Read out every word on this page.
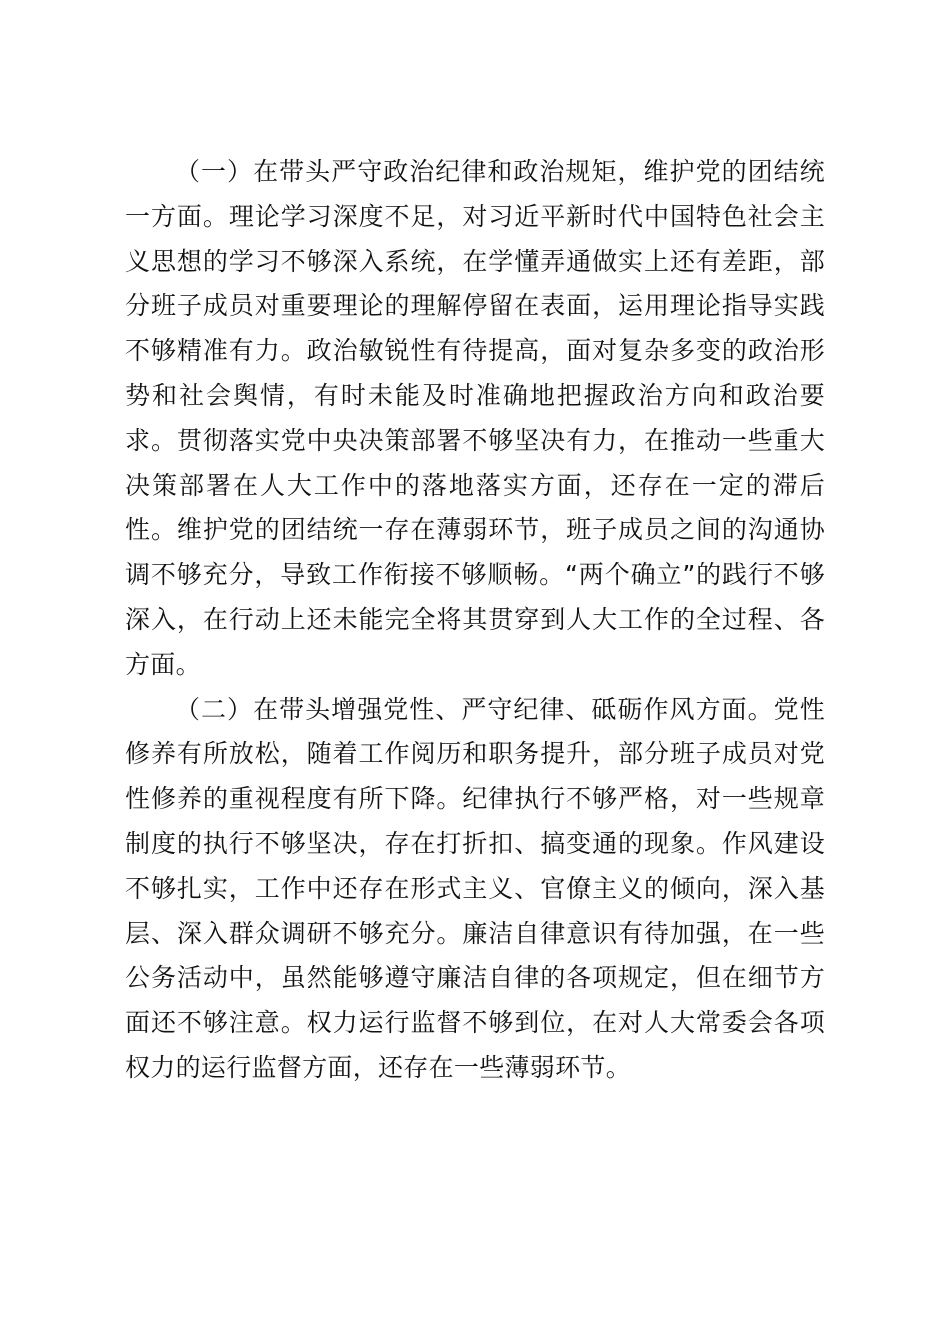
（一）在带头严守政治纪律和政治规矩，维护党的团结统一方面。理论学习深度不足，对习近平新时代中国特色社会主义思想的学习不够深入系统，在学懂弄通做实上还有差距，部分班子成员对重要理论的理解停留在表面，运用理论指导实践不够精准有力。政治敏锐性有待提高，面对复杂多变的政治形势和社会舆情，有时未能及时准确地把握政治方向和政治要求。贯彻落实党中央决策部署不够坚决有力，在推动一些重大决策部署在人大工作中的落地落实方面，还存在一定的滞后性。维护党的团结统一存在薄弱环节，班子成员之间的沟通协调不够充分，导致工作衔接不够顺畅。“两个确立”的践行不够深入，在行动上还未能完全将其贯穿到人大工作的全过程、各方面。

（二）在带头增强党性、严守纪律、砥砺作风方面。党性修养有所放松，随着工作阅历和职务提升，部分班子成员对党性修养的重视程度有所下降。纪律执行不够严格，对一些规章制度的执行不够坚决，存在打折扣、搞变通的现象。作风建设不够扎实，工作中还存在形式主义、官僚主义的倾向，深入基层、深入群众调研不够充分。廉洁自律意识有待加强，在一些公务活动中，虽然能够遵守廉洁自律的各项规定，但在细节方面还不够注意。权力运行监督不够到位，在对人大常委会各项权力的运行监督方面，还存在一些薄弱环节。
